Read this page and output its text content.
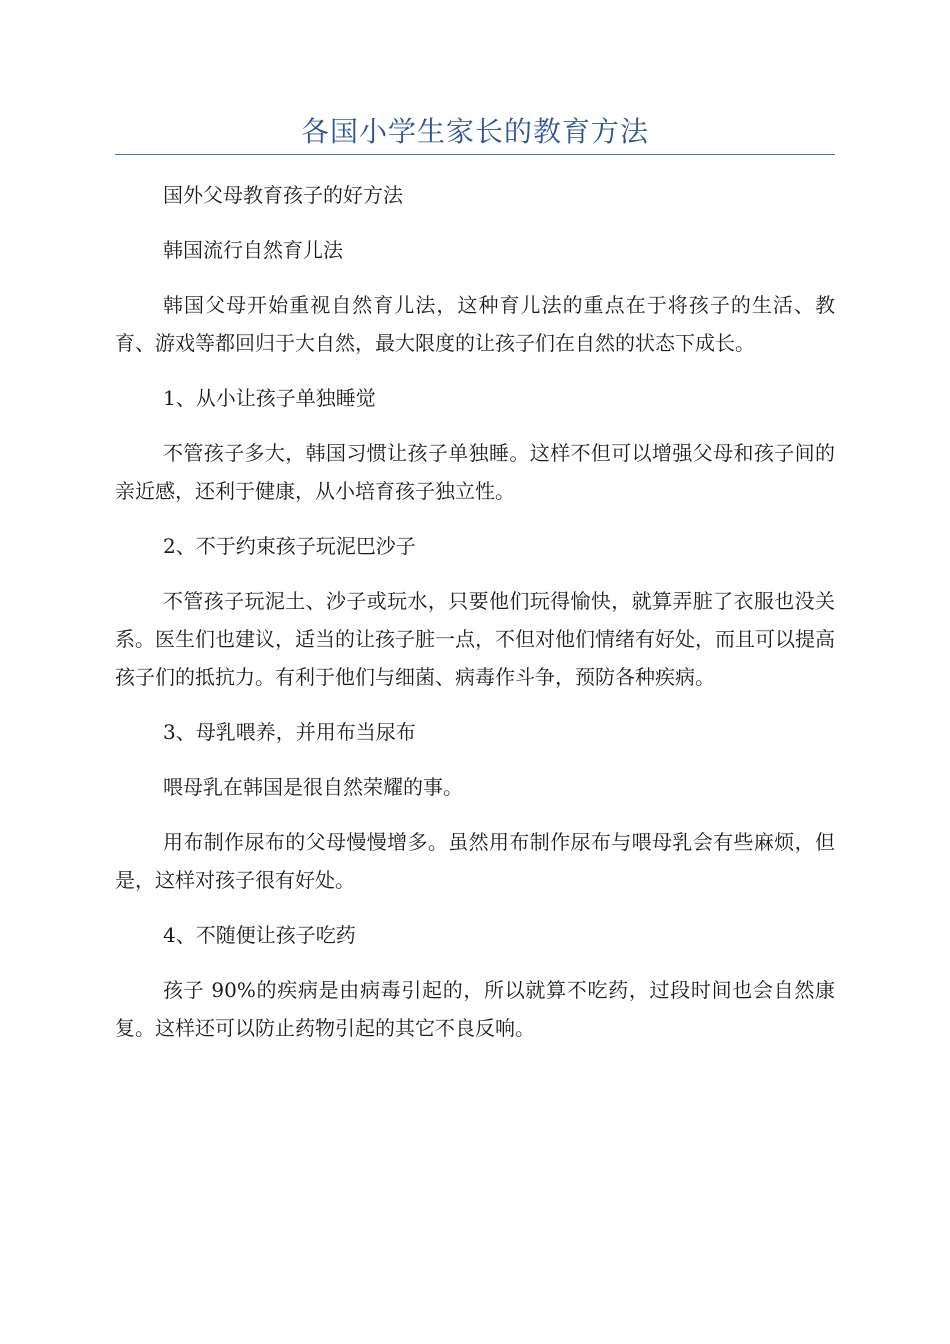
各国小学生家长的教育方法

国外父母教育孩子的好方法

韩国流行自然育儿法

韩国父母开始重视自然育儿法，这种育儿法的重点在于将孩子的生活、教育、游戏等都回归于大自然，最大限度的让孩子们在自然的状态下成长。

1、从小让孩子单独睡觉

不管孩子多大，韩国习惯让孩子单独睡。这样不但可以增强父母和孩子间的亲近感，还利于健康，从小培育孩子独立性。

2、不于约束孩子玩泥巴沙子

不管孩子玩泥土、沙子或玩水，只要他们玩得愉快，就算弄脏了衣服也没关系。医生们也建议，适当的让孩子脏一点，不但对他们情绪有好处，而且可以提高孩子们的抵抗力。有利于他们与细菌、病毒作斗争，预防各种疾病。

3、母乳喂养，并用布当尿布

喂母乳在韩国是很自然荣耀的事。

用布制作尿布的父母慢慢增多。虽然用布制作尿布与喂母乳会有些麻烦，但是，这样对孩子很有好处。

4、不随便让孩子吃药

孩子 90%的疾病是由病毒引起的，所以就算不吃药，过段时间也会自然康复。这样还可以防止药物引起的其它不良反响。
